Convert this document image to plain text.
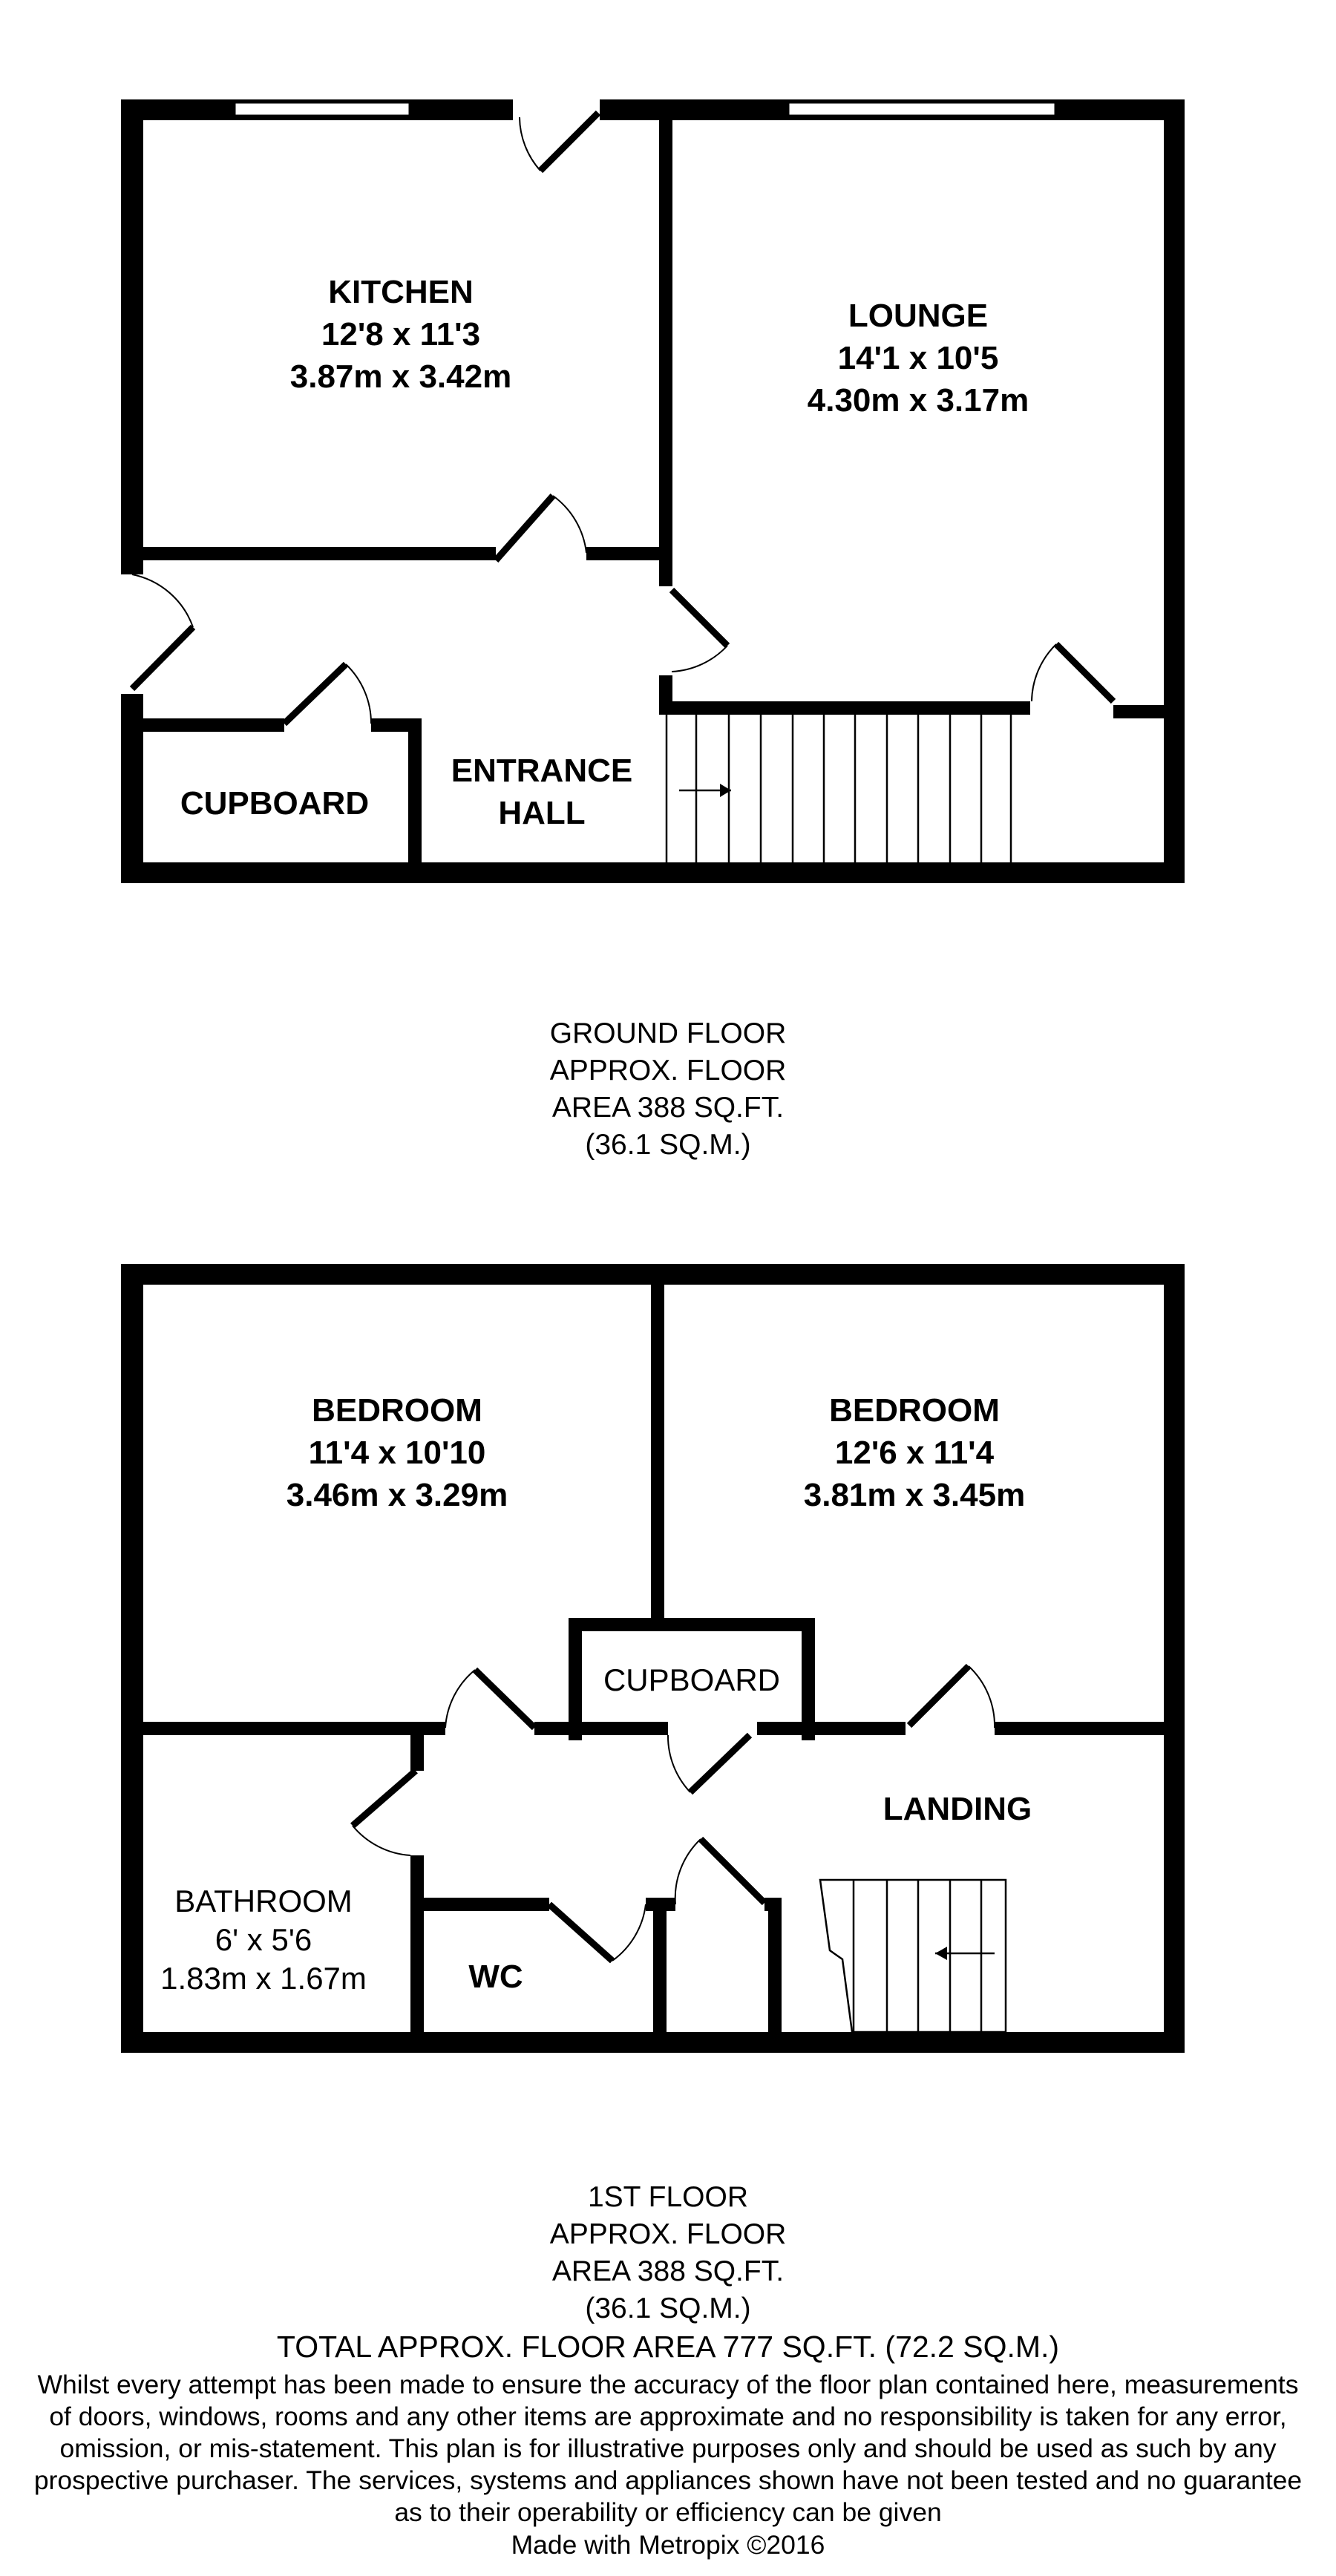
KITCHEN
12'8 x 11'3
3.87m x 3.42m
LOUNGE
14'1 x 10'5
4.30m x 3.17m
CUPBOARD
ENTRANCE
HALL
BEDROOM
11'4 x 10'10
3.46m x 3.29m
BEDROOM
12'6 x 11'4
3.81m x 3.45m
CUPBOARD
LANDING
BATHROOM
6' x 5'6
1.83m x 1.67m	WC
GROUND FLOOR
APPROX. FLOOR
AREA 388 SQ.FT.
(36.1 SQ.M.)
1ST FLOOR
APPROX. FLOOR
AREA 388 SQ.FT.
(36.1 SQ.M.)
TOTAL APPROX. FLOOR AREA 777 SQ.FT. (72.2 SQ.M.)
Whilst every attempt has been made to ensure the accuracy of the floor plan contained here, measurements
of doors, windows, rooms and any other items are approximate and no responsibility is taken for any error,
omission, or mis-statement. This plan is for illustrative purposes only and should be used as such by any
prospective purchaser. The services, systems and appliances shown have not been tested and no guarantee
as to their operability or efficiency can be given
Made with Metropix ©2016
